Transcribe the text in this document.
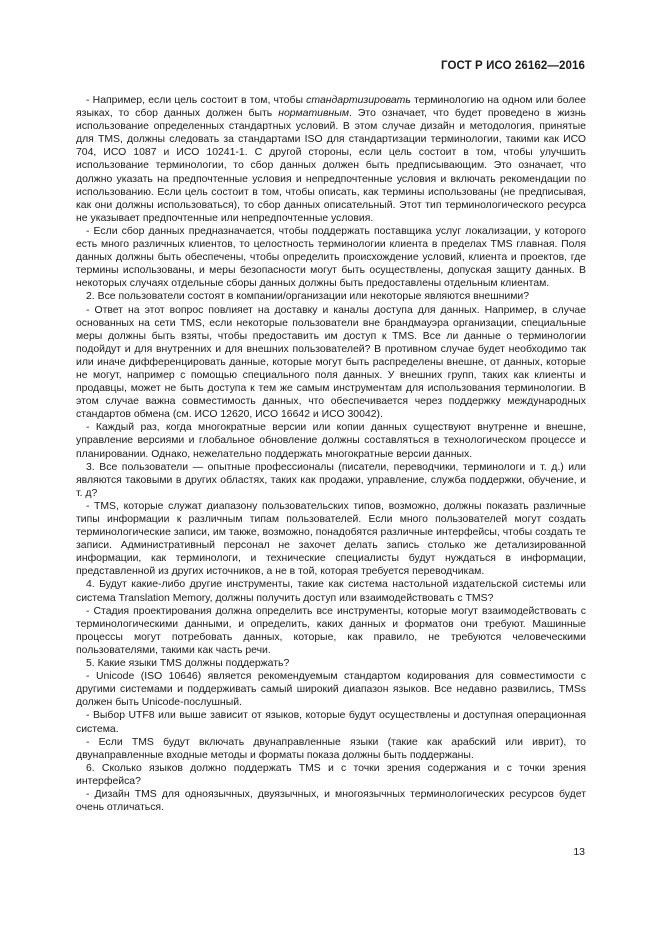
ГОСТ Р ИСО 26162—2016

- Например, если цель состоит в том, чтобы стандартизировать терминологию на одном или более языках, то сбор данных должен быть нормативным. Это означает, что будет проведено в жизнь использование определенных стандартных условий. В этом случае дизайн и методология, принятые для TMS, должны следовать за стандартами ISO для стандартизации терминологии, такими как ИСО 704, ИСО 1087 и ИСО 10241-1. С другой стороны, если цель состоит в том, чтобы улучшить использование терминологии, то сбор данных должен быть предписывающим. Это означает, что должно указать на предпочтенные условия и непредпочтенные условия и включать рекомендации по использованию. Если цель состоит в том, чтобы описать, как термины использованы (не предписывая, как они должны использоваться), то сбор данных описательный. Этот тип терминологического ресурса не указывает предпочтенные или непредпочтенные условия.

- Если сбор данных предназначается, чтобы поддержать поставщика услуг локализации, у которого есть много различных клиентов, то целостность терминологии клиента в пределах TMS главная. Поля данных должны быть обеспечены, чтобы определить происхождение условий, клиента и проектов, где термины использованы, и меры безопасности могут быть осуществлены, допуская защиту данных. В некоторых случаях отдельные сборы данных должны быть предоставлены отдельным клиентам.

2. Все пользователи состоят в компании/организации или некоторые являются внешними?

- Ответ на этот вопрос повлияет на доставку и каналы доступа для данных. Например, в случае основанных на сети TMS, если некоторые пользователи вне брандмауэра организации, специальные меры должны быть взяты, чтобы предоставить им доступ к TMS. Все ли данные о терминологии подойдут и для внутренних и для внешних пользователей? В противном случае будет необходимо так или иначе дифференцировать данные, которые могут быть распределены внешне, от данных, которые не могут, например с помощью специального поля данных. У внешних групп, таких как клиенты и продавцы, может не быть доступа к тем же самым инструментам для использования терминологии. В этом случае важна совместимость данных, что обеспечивается через поддержку международных стандартов обмена (см. ИСО 12620, ИСО 16642 и ИСО 30042).

- Каждый раз, когда многократные версии или копии данных существуют внутренне и внешне, управление версиями и глобальное обновление должны составляться в технологическом процессе и планировании. Однако, нежелательно поддержать многократные версии данных.

3. Все пользователи — опытные профессионалы (писатели, переводчики, терминологи и т. д.) или являются таковыми в других областях, таких как продажи, управление, служба поддержки, обучение, и т. д?

- TMS, которые служат диапазону пользовательских типов, возможно, должны показать различные типы информации к различным типам пользователей. Если много пользователей могут создать терминологические записи, им также, возможно, понадобятся различные интерфейсы, чтобы создать те записи. Административный персонал не захочет делать запись столько же детализированной информации, как терминологи, и технические специалисты будут нуждаться в информации, представленной из других источников, а не в той, которая требуется переводчикам.

4. Будут какие-либо другие инструменты, такие как система настольной издательской системы или система Translation Memory, должны получить доступ или взаимодействовать с TMS?

- Стадия проектирования должна определить все инструменты, которые могут взаимодействовать с терминологическими данными, и определить, каких данных и форматов они требуют. Машинные процессы могут потребовать данных, которые, как правило, не требуются человеческими пользователями, такими как часть речи.

5. Какие языки TMS должны поддержать?

- Unicode (ISO 10646) является рекомендуемым стандартом кодирования для совместимости с другими системами и поддерживать самый широкий диапазон языков. Все недавно развились, TMSs должен быть Unicode-послушный.

- Выбор UTF8 или выше зависит от языков, которые будут осуществлены и доступная операционная система.

- Если TMS будут включать двунаправленные языки (такие как арабский или иврит), то двунаправленные входные методы и форматы показа должны быть поддержаны.

6. Сколько языков должно поддержать TMS и с точки зрения содержания и с точки зрения интерфейса?

- Дизайн TMS для одноязычных, двуязычных, и многоязычных терминологических ресурсов будет очень отличаться.

13
